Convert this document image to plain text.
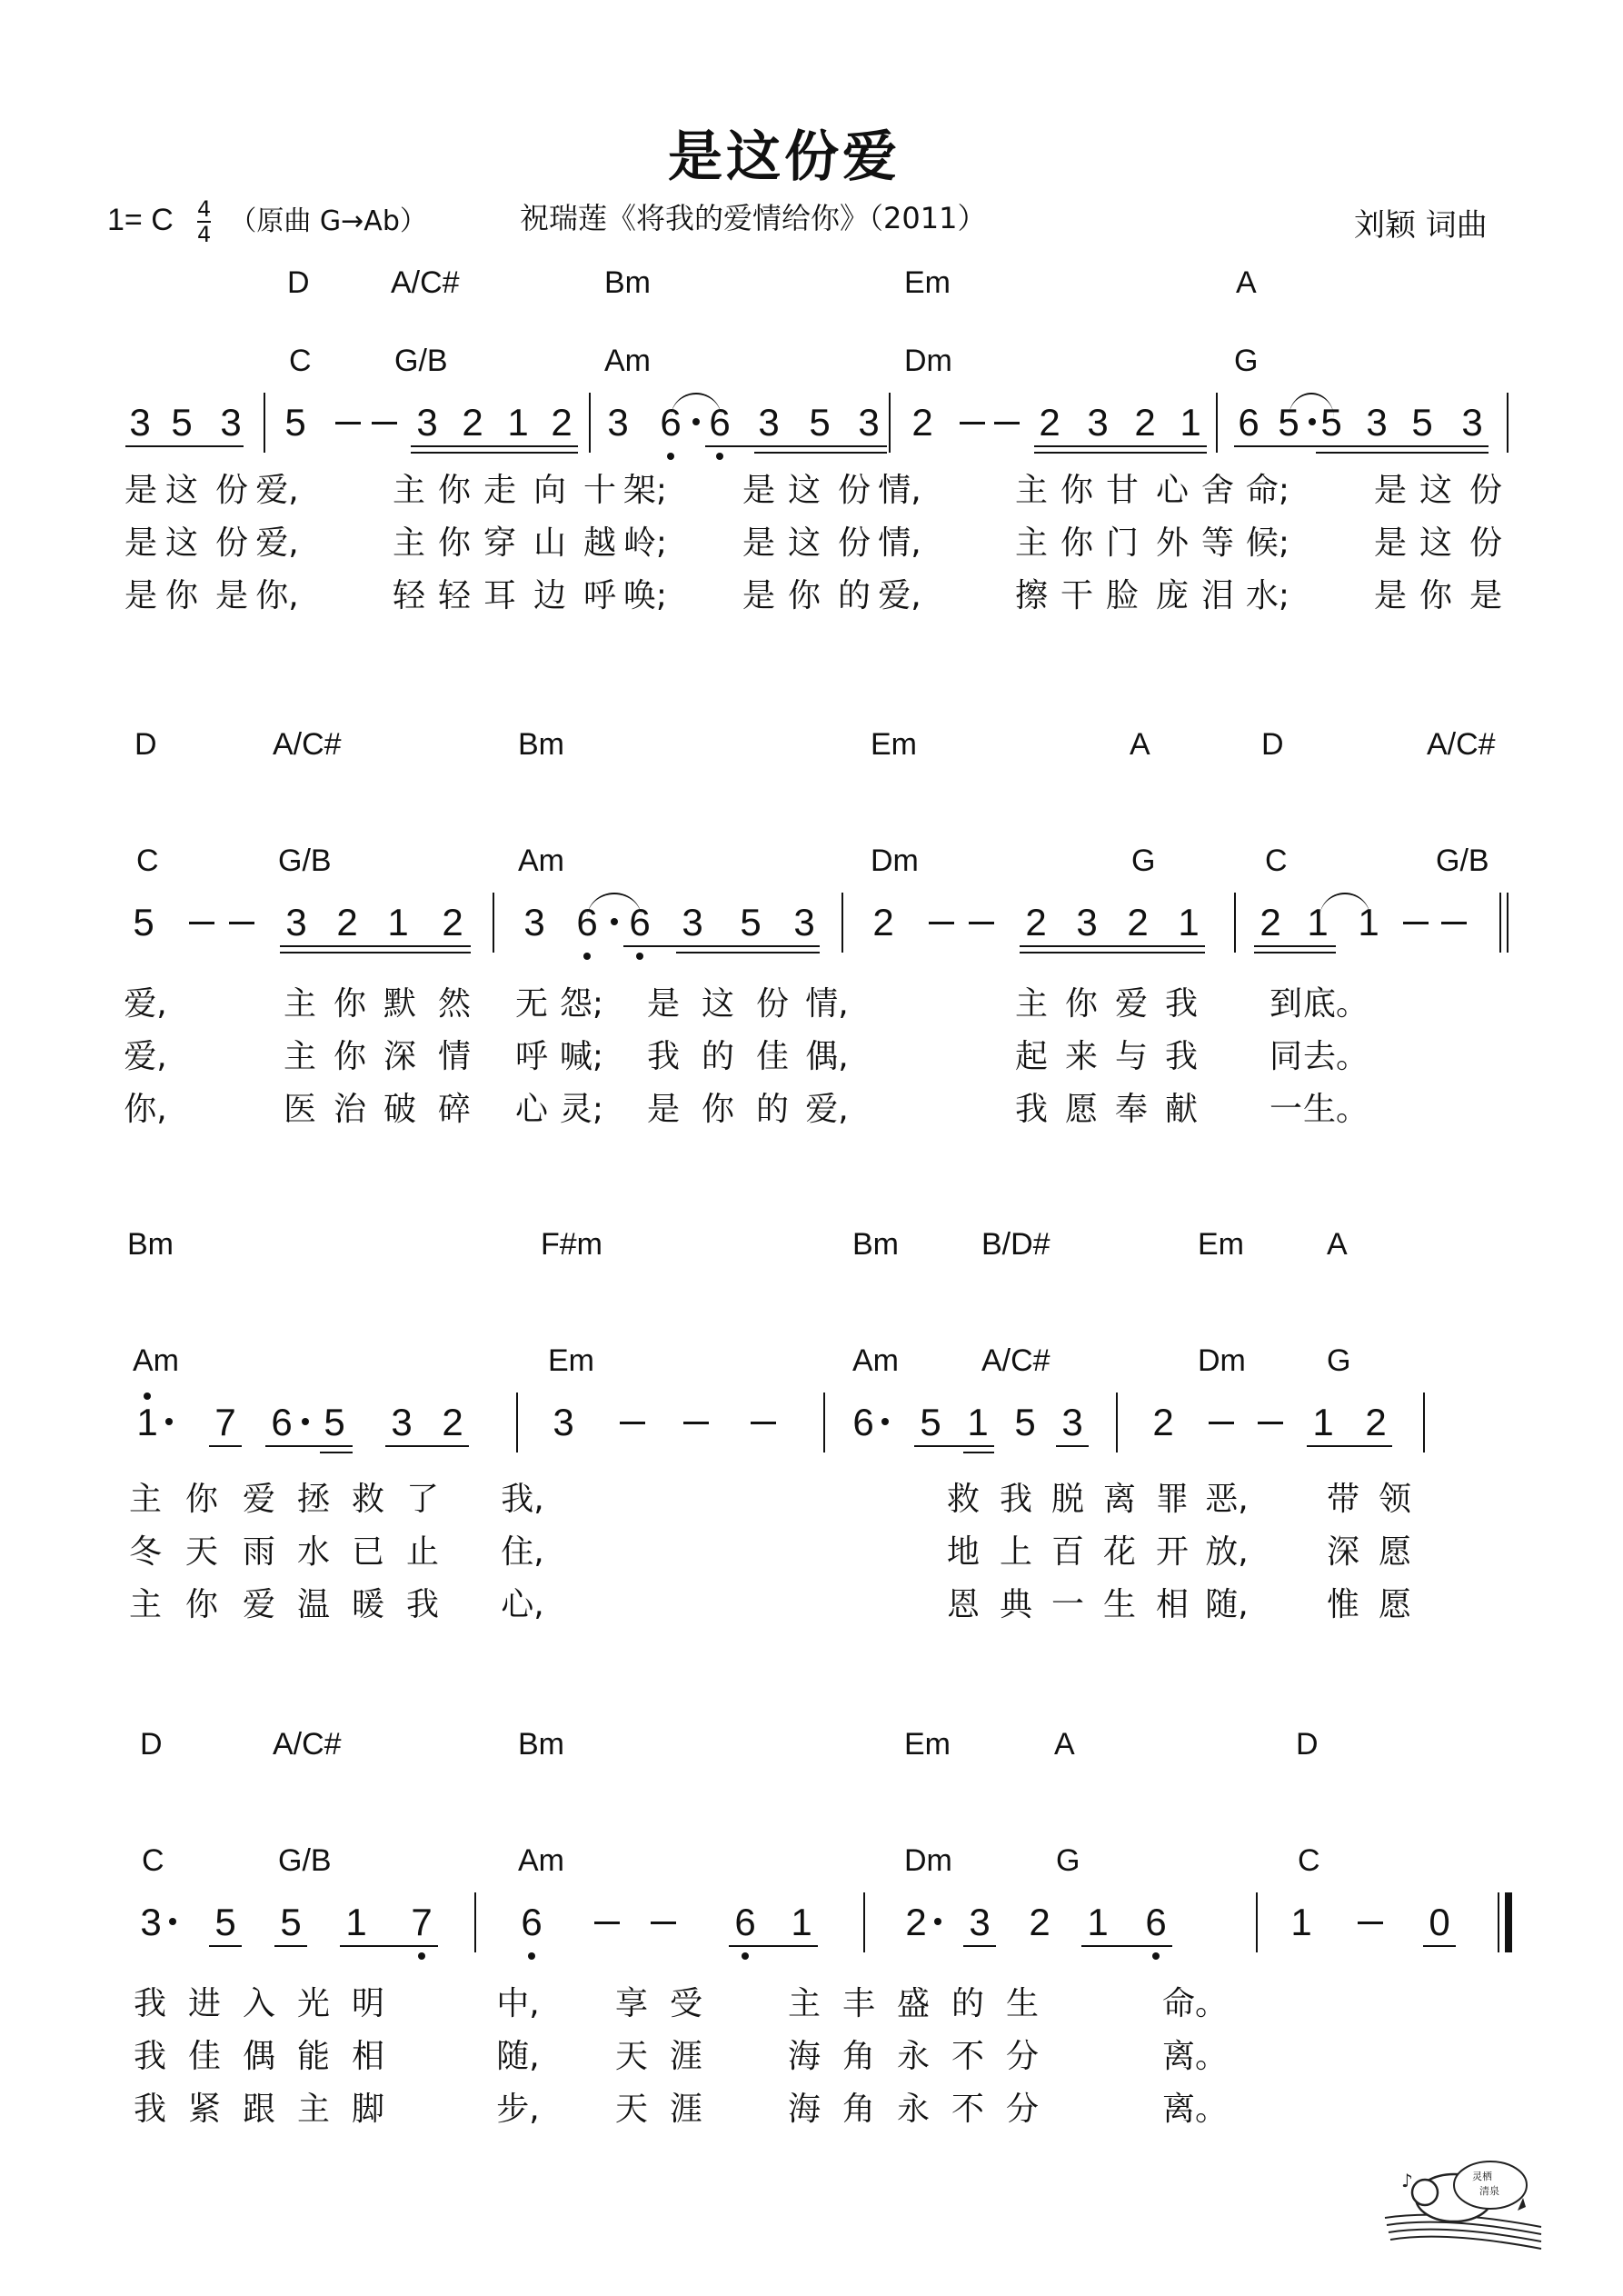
是这份爱
1= C $\frac{4}{4}$ （原曲 G→Ab）	祝瑞莲《将我的爱情给你》（2011）	刘颖 词曲
D	A/C#	Bm	Em	A
C	G/B	Am	Dm	G
3 5 3 5	3 2 1 2 3 6 6 3 5 3 2	2 3 2 1 6 5 5 3 5 3
是 这 份 爱,	主 你 走 向 十 架; 是 这 份 情,	主 你 甘 心 舍 命;	是 这 份
是 这 份 爱,	主 你 穿 山 越 岭; 是 这 份 情,	主 你 门 外 等 候;	是 这 份
是 你 是 你,	轻 轻 耳 边 呼 唤; 是 你 的 爱,	擦 干 脸 庞 泪 水;	是 你 是
D	A/C#	Bm	Em	A	D	A/C#
C	G/B	Am	Dm	G	C	G/B
5	3 2 1 2 3 6 6 3 5 3 2	2 3 2 1 2 1 1
爱,	主 你 默 然 无 怨; 是 这 份 情,	主 你 爱 我 到 底。
爱,	主 你 深 情 呼 喊; 我 的 佳 偶,	起 来 与 我 同 去。
你,	医 治 破 碎 心 灵; 是 你 的 爱,	我 愿 奉 献 一 生。
Bm	F#m	Bm	B/D#	Em	A
Am	Em	Am	A/C#	Dm	G
1 7 6 5 3 2 3	6 5 1 5 3 2	1 2
主 你 爱 拯 救 了 我,	救 我 脱 离 罪 恶, 带 领
冬 天 雨 水 已 止 住,	地 上 百 花 开 放, 深 愿
主 你 爱 温 暖 我 心,	恩 典 一 生 相 随, 惟 愿
D	A/C#	Bm	Em	A	D
C	G/B	Am	Dm	G	C
3 5 5 1 7 6	6 1 2 3 2 1 6	1	0
我 进 入 光 明	中, 享 受	主 丰 盛 的 生	命。
我 佳 偶 能 相	随, 天 涯	海 角 永 不 分	离。
我 紧 跟 主 脚	步, 天 涯	海 角 永 不 分	离。
灵栖
清泉
♪
